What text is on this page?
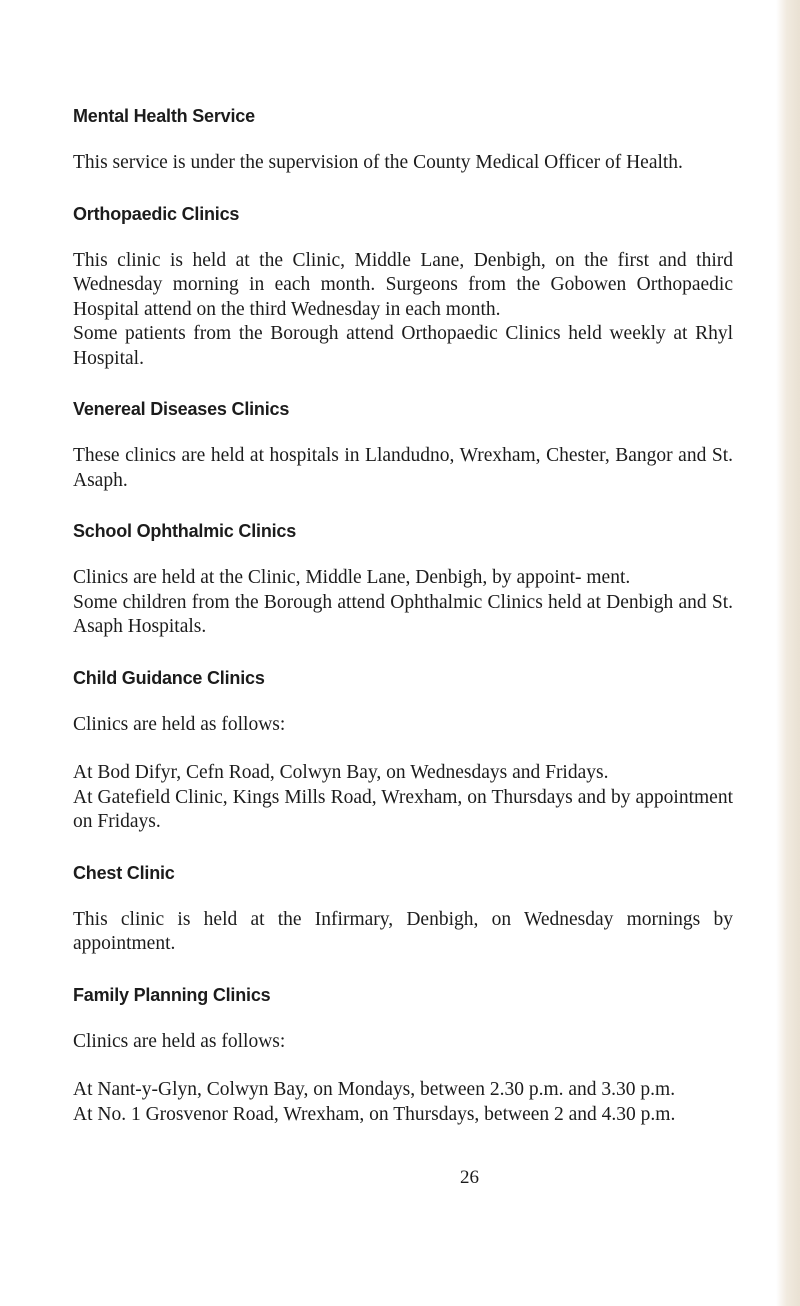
Mental Health Service

This service is under the supervision of the County Medical Officer of Health.

Orthopaedic Clinics

This clinic is held at the Clinic, Middle Lane, Denbigh, on the first and third Wednesday morning in each month. Surgeons from the Gobowen Orthopaedic Hospital attend on the third Wednesday in each month.

Some patients from the Borough attend Orthopaedic Clinics held weekly at Rhyl Hospital.

Venereal Diseases Clinics

These clinics are held at hospitals in Llandudno, Wrexham, Chester, Bangor and St. Asaph.

School Ophthalmic Clinics

Clinics are held at the Clinic, Middle Lane, Denbigh, by appoint- ment.

Some children from the Borough attend Ophthalmic Clinics held at Denbigh and St. Asaph Hospitals.

Child Guidance Clinics

Clinics are held as follows:

At Bod Difyr, Cefn Road, Colwyn Bay, on Wednesdays and Fridays.

At Gatefield Clinic, Kings Mills Road, Wrexham, on Thursdays and by appointment on Fridays.

Chest Clinic

This clinic is held at the Infirmary, Denbigh, on Wednesday mornings by appointment.

Family Planning Clinics

Clinics are held as follows:

At Nant-y-Glyn, Colwyn Bay, on Mondays, between 2.30 p.m. and 3.30 p.m.

At No. 1 Grosvenor Road, Wrexham, on Thursdays, between 2 and 4.30 p.m.

26
